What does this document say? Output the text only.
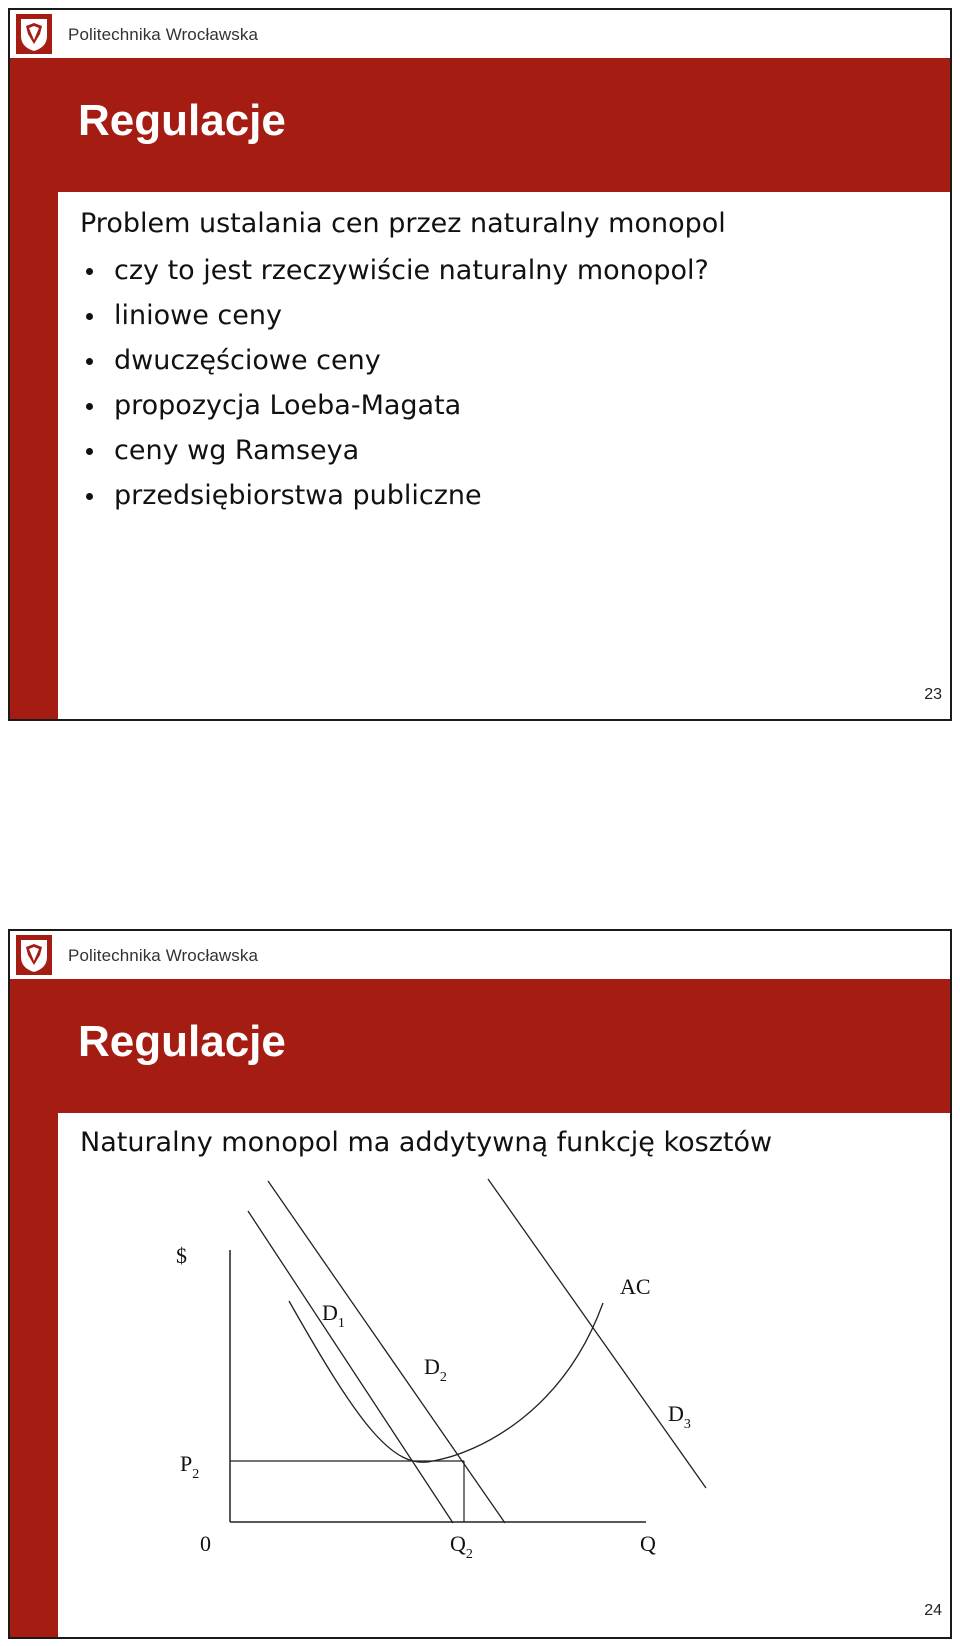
Politechnika Wrocławska
Regulacje
Problem ustalania cen przez naturalny monopol
czy to jest rzeczywiście naturalny monopol?
liniowe ceny
dwuczęściowe ceny
propozycja Loeba-Magata
ceny wg Ramseya
przedsiębiorstwa publiczne
23
Politechnika Wrocławska
Regulacje
Naturalny monopol ma addytywną funkcję kosztów
$
AC
$D_1$
$D_2$
$D_3$
$P_2$
0	$Q_2$	Q
24
